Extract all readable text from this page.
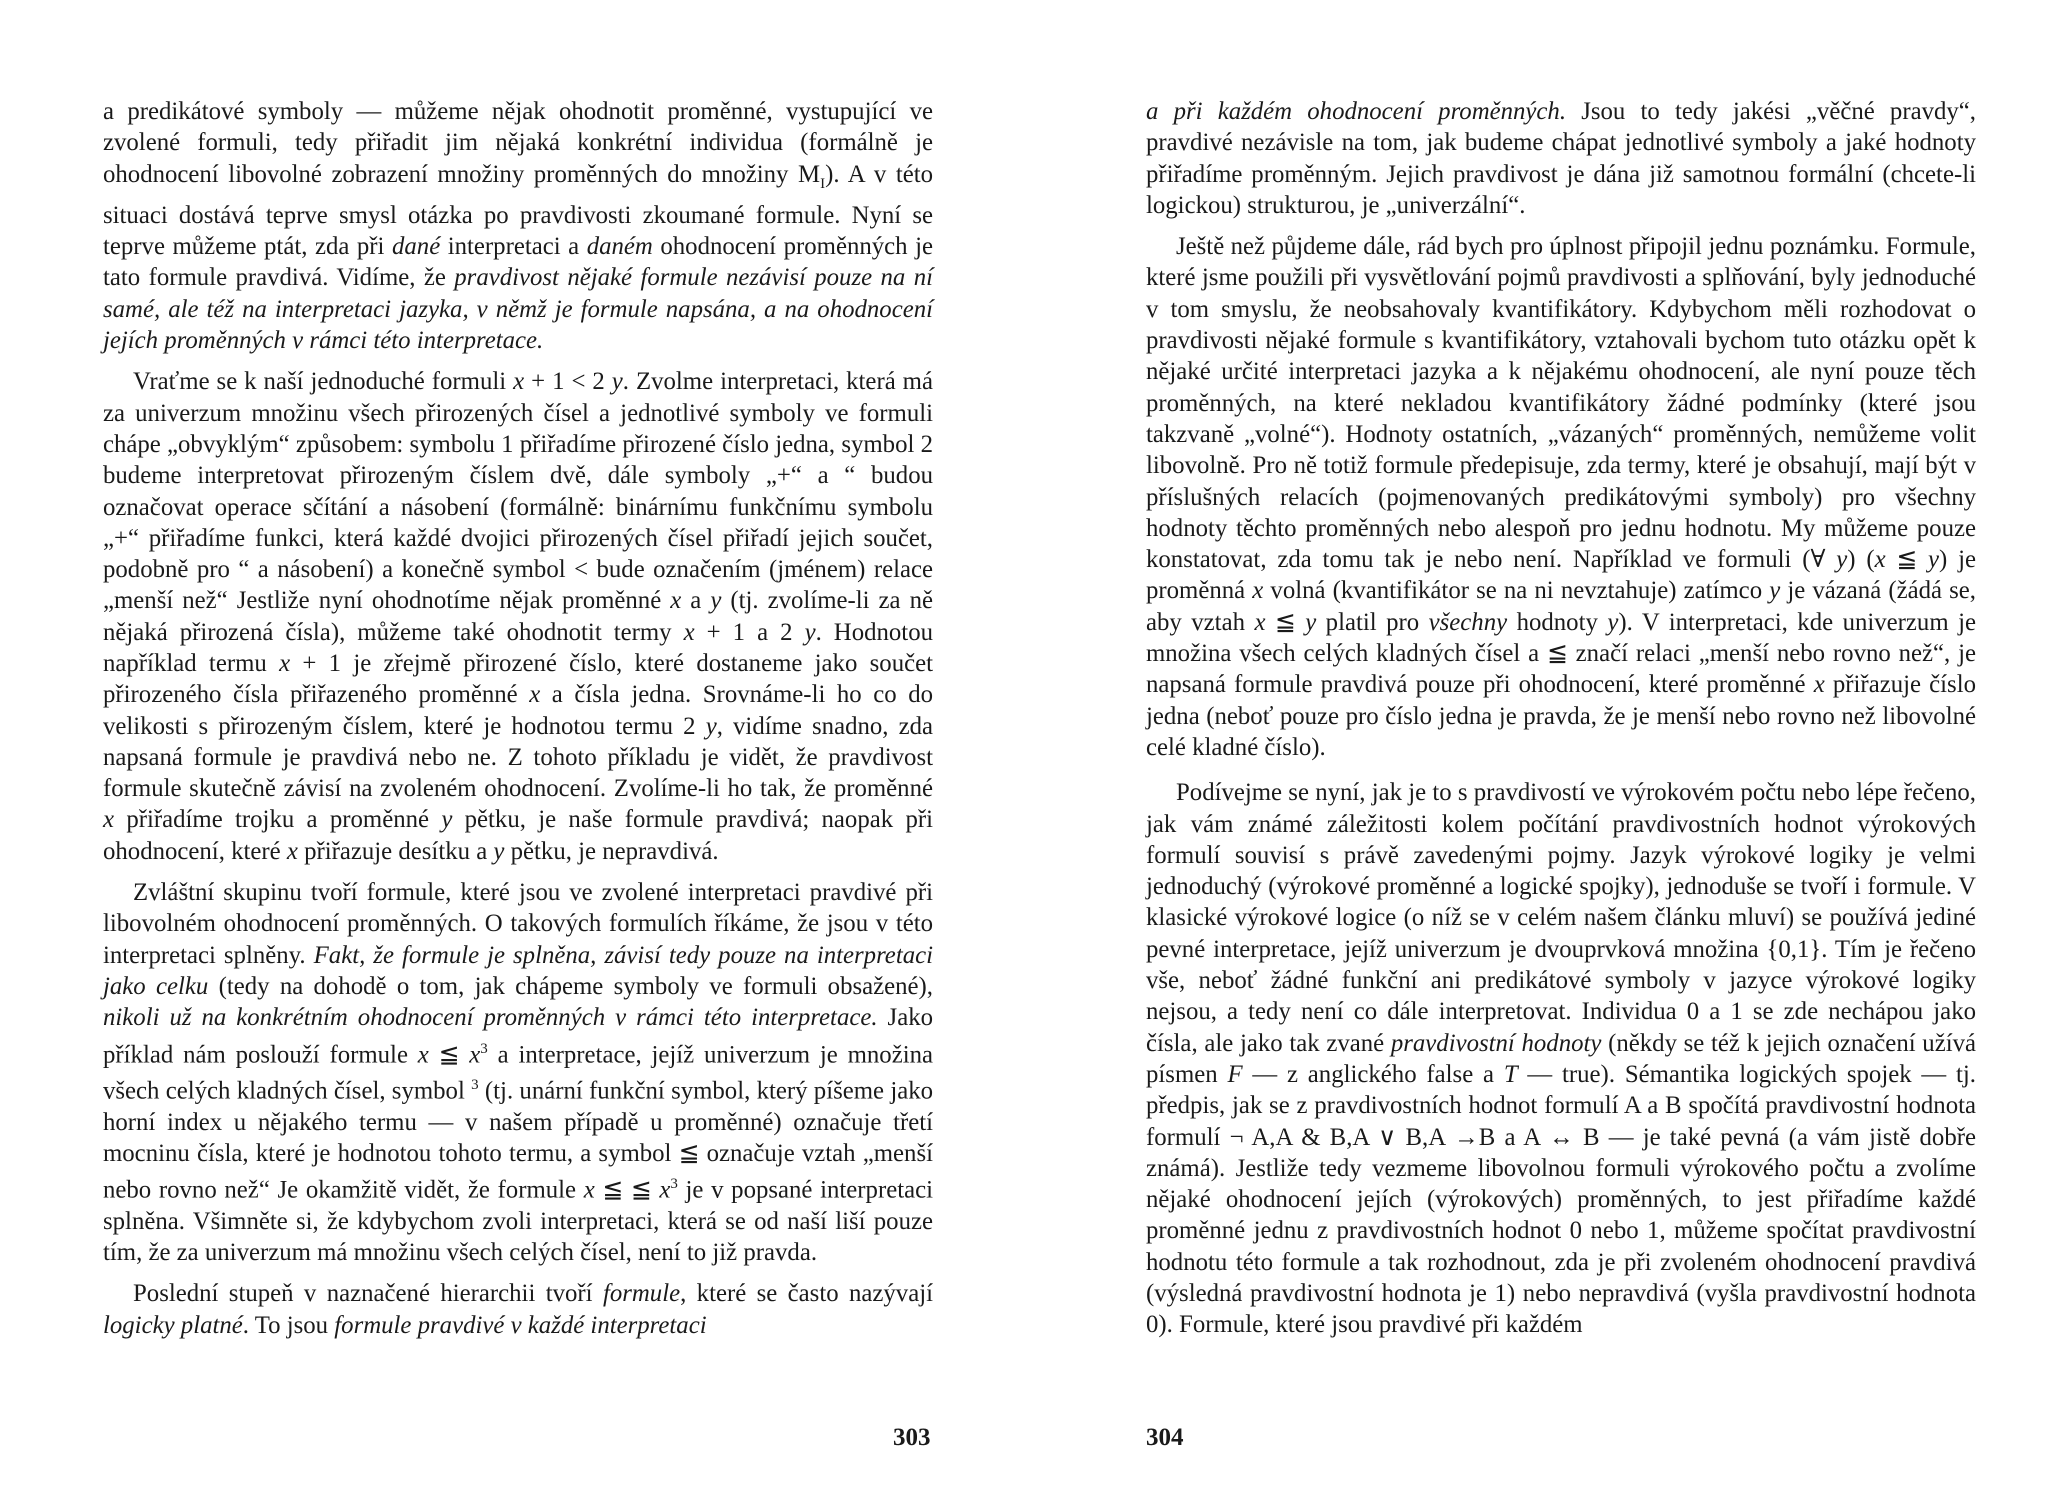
a predikátové symboly — můžeme nějak ohodnotit proměnné, vystupující ve zvolené formuli, tedy přiřadit jim nějaká konkrétní individua (formálně je ohodnocení libovolné zobrazení množiny proměnných do množiny $M_I$). A v této situaci dostává teprve smysl otázka po pravdivosti zkoumané formule. Nyní se teprve můžeme ptát, zda při dané interpretaci a daném ohodnocení proměnných je tato formule pravdivá. Vidíme, že pravdivost nějaké formule nezávisí pouze na ní samé, ale též na interpretaci jazyka, v němž je formule napsána, a na ohodnocení jejích proměnných v rámci této interpretace.

Vraťme se k naší jednoduché formuli x + 1 < 2 y. Zvolme interpretaci, která má za univerzum množinu všech přirozených čísel a jednotlivé symboly ve formuli chápe „obvyklým“ způsobem: symbolu 1 přiřadíme přirozené číslo jedna, symbol 2 budeme interpretovat přirozeným číslem dvě, dále symboly „+“ a “ budou označovat operace sčítání a násobení (formálně: binárnímu funkčnímu symbolu „+“ přiřadíme funkci, která každé dvojici přirozených čísel přiřadí jejich součet, podobně pro “ a násobení) a konečně symbol < bude označením (jménem) relace „menší než“ Jestliže nyní ohodnotíme nějak proměnné x a y (tj. zvolíme-li za ně nějaká přirozená čísla), můžeme také ohodnotit termy x + 1 a 2 y. Hodnotou například termu x + 1 je zřejmě přirozené číslo, které dostaneme jako součet přirozeného čísla přiřazeného proměnné x a čísla jedna. Srovnáme-li ho co do velikosti s přirozeným číslem, které je hodnotou termu 2 y, vidíme snadno, zda napsaná formule je pravdivá nebo ne. Z tohoto příkladu je vidět, že pravdivost formule skutečně závisí na zvoleném ohodnocení. Zvolíme-li ho tak, že proměnné x přiřadíme trojku a proměnné y pětku, je naše formule pravdivá; naopak při ohodnocení, které x přiřazuje desítku a y pětku, je nepravdivá.

Zvláštní skupinu tvoří formule, které jsou ve zvolené interpretaci pravdivé při libovolném ohodnocení proměnných. O takových formulích říkáme, že jsou v této interpretaci splněny. Fakt, že formule je splněna, závisí tedy pouze na interpretaci jako celku (tedy na dohodě o tom, jak chápeme symboly ve formuli obsažené), nikoli už na konkrétním ohodnocení proměnných v rámci této interpretace. Jako příklad nám poslouží formule x ≦ $x^3$ a interpretace, jejíž univerzum je množina všech celých kladných čísel, symbol $^3$ (tj. unární funkční symbol, který píšeme jako horní index u nějakého termu — v našem případě u proměnné) označuje třetí mocninu čísla, které je hodnotou tohoto termu, a symbol ≦ označuje vztah „menší nebo rovno než“ Je okamžitě vidět, že formule x ≦ ≦ $x^3$ je v popsané interpretaci splněna. Všimněte si, že kdybychom zvoli interpretaci, která se od naší liší pouze tím, že za univerzum má množinu všech celých čísel, není to již pravda.

Poslední stupeň v naznačené hierarchii tvoří formule, které se často nazývají logicky platné. To jsou formule pravdivé v každé interpretaci

a při každém ohodnocení proměnných. Jsou to tedy jakési „věčné pravdy“, pravdivé nezávisle na tom, jak budeme chápat jednotlivé symboly a jaké hodnoty přiřadíme proměnným. Jejich pravdivost je dána již samotnou formální (chcete-li logickou) strukturou, je „univerzální“.

Ještě než půjdeme dále, rád bych pro úplnost připojil jednu poznámku. Formule, které jsme použili při vysvětlování pojmů pravdivosti a splňování, byly jednoduché v tom smyslu, že neobsahovaly kvantifikátory. Kdybychom měli rozhodovat o pravdivosti nějaké formule s kvantifikátory, vztahovali bychom tuto otázku opět k nějaké určité interpretaci jazyka a k nějakému ohodnocení, ale nyní pouze těch proměnných, na které nekladou kvantifikátory žádné podmínky (které jsou takzvaně „volné“). Hodnoty ostatních, „vázaných“ proměnných, nemůžeme volit libovolně. Pro ně totiž formule předepisuje, zda termy, které je obsahují, mají být v příslušných relacích (pojmenovaných predikátovými symboly) pro všechny hodnoty těchto proměnných nebo alespoň pro jednu hodnotu. My můžeme pouze konstatovat, zda tomu tak je nebo není. Například ve formuli (∀ y) (x ≦ y) je proměnná x volná (kvantifikátor se na ni nevztahuje) zatímco y je vázaná (žádá se, aby vztah x ≦ y platil pro všechny hodnoty y). V interpretaci, kde univerzum je množina všech celých kladných čísel a ≦ značí relaci „menší nebo rovno než“, je napsaná formule pravdivá pouze při ohodnocení, které proměnné x přiřazuje číslo jedna (neboť pouze pro číslo jedna je pravda, že je menší nebo rovno než libovolné celé kladné číslo).

Podívejme se nyní, jak je to s pravdivostí ve výrokovém počtu nebo lépe řečeno, jak vám známé záležitosti kolem počítání pravdivostních hodnot výrokových formulí souvisí s právě zavedenými pojmy. Jazyk výrokové logiky je velmi jednoduchý (výrokové proměnné a logické spojky), jednoduše se tvoří i formule. V klasické výrokové logice (o níž se v celém našem článku mluví) se používá jediné pevné interpretace, jejíž univerzum je dvouprvková množina {0,1}. Tím je řečeno vše, neboť žádné funkční ani predikátové symboly v jazyce výrokové logiky nejsou, a tedy není co dále interpretovat. Individua 0 a 1 se zde nechápou jako čísla, ale jako tak zvané pravdivostní hodnoty (někdy se též k jejich označení užívá písmen F — z anglického false a T — true). Sémantika logických spojek — tj. předpis, jak se z pravdivostních hodnot formulí A a B spočítá pravdivostní hodnota formulí ¬ A,A & B,A ∨ B,A →B a A ↔ B — je také pevná (a vám jistě dobře známá). Jestliže tedy vezmeme libovolnou formuli výrokového počtu a zvolíme nějaké ohodnocení jejích (výrokových) proměnných, to jest přiřadíme každé proměnné jednu z pravdivostních hodnot 0 nebo 1, můžeme spočítat pravdivostní hodnotu této formule a tak rozhodnout, zda je při zvoleném ohodnocení pravdivá (výsledná pravdivostní hodnota je 1) nebo nepravdivá (vyšla pravdivostní hodnota 0). Formule, které jsou pravdivé při každém

303	304
